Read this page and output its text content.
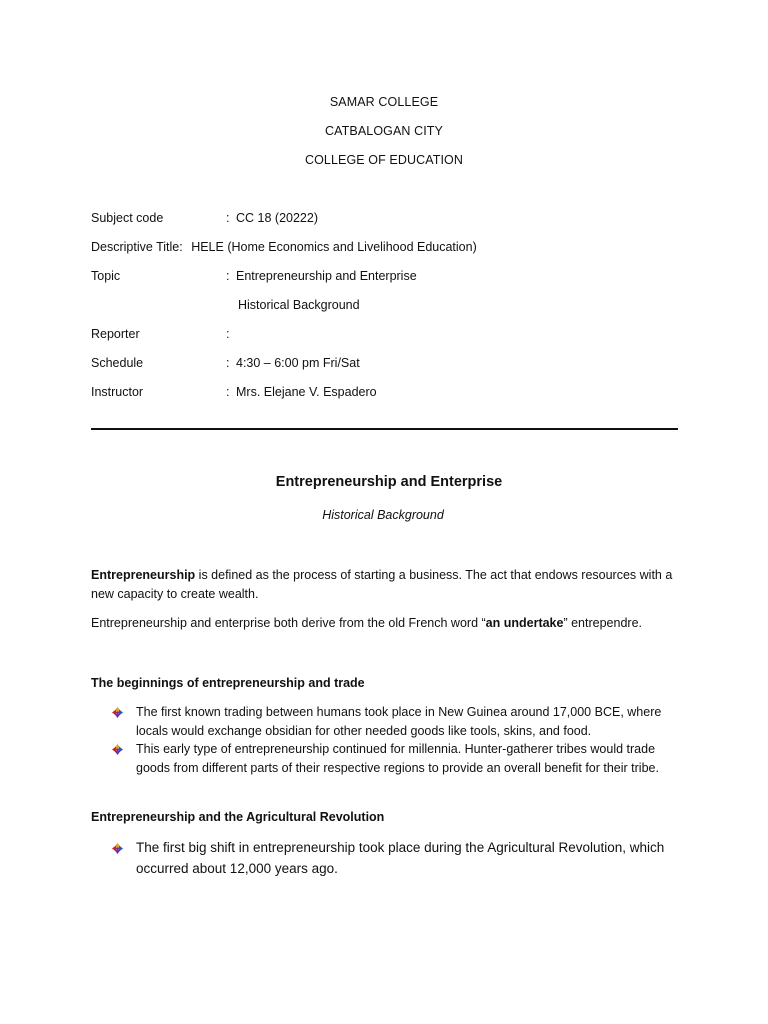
SAMAR COLLEGE
CATBALOGAN CITY
COLLEGE OF EDUCATION
Subject code	: CC 18 (20222)
Descriptive Title: HELE (Home Economics and Livelihood Education)
Topic	: Entrepreneurship and Enterprise
Historical Background
Reporter	:
Schedule	: 4:30 – 6:00 pm Fri/Sat
Instructor	: Mrs. Elejane V. Espadero
Entrepreneurship and Enterprise
Historical Background
Entrepreneurship is defined as the process of starting a business. The act that endows resources with a new capacity to create wealth.
Entrepreneurship and enterprise both derive from the old French word “an undertake” entrependre.
The beginnings of entrepreneurship and trade
The first known trading between humans took place in New Guinea around 17,000 BCE, where locals would exchange obsidian for other needed goods like tools, skins, and food.
This early type of entrepreneurship continued for millennia. Hunter-gatherer tribes would trade goods from different parts of their respective regions to provide an overall benefit for their tribe.
Entrepreneurship and the Agricultural Revolution
The first big shift in entrepreneurship took place during the Agricultural Revolution, which occurred about 12,000 years ago.
